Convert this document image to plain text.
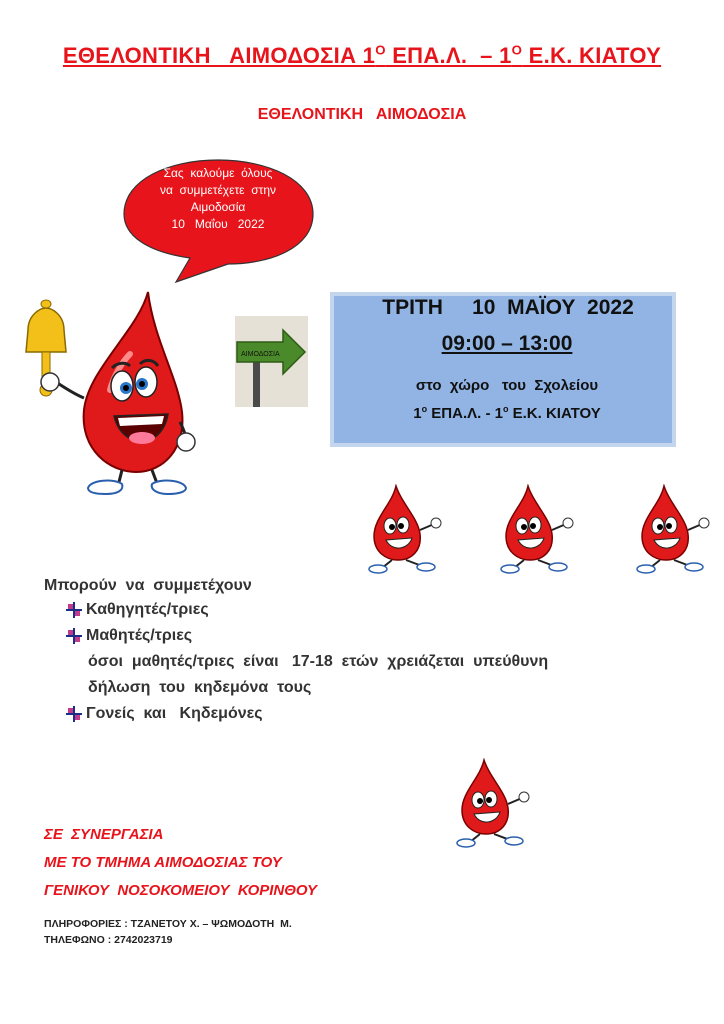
ΕΘΕΛΟΝΤΙΚΗ   ΑΙΜΟΔΟΣΙΑ $1^O$ ΕΠΑ.Λ.  – $1^O$ Ε.Κ. ΚΙΑΤΟΥ
ΕΘΕΛΟΝΤΙΚΗ   ΑΙΜΟΔΟΣΙΑ
Σας  καλούμε  όλους
να  συμμετέχετε  στην
Αιμοδοσία
10   Μαΐου   2022
ΑΙΜΟΔΟΣΙΑ
ΤΡΙΤΗ     10  ΜΑΪΟΥ  2022
09:00 – 13:00
στο  χώρο   του  Σχολείου
$1^o$ ΕΠΑ.Λ. - $1^o$ Ε.Κ. ΚΙΑΤΟΥ
Μπορούν  να  συμμετέχουν
Καθηγητές/τριες
Μαθητές/τριες
όσοι  μαθητές/τριες  είναι   17-18  ετών  χρειάζεται  υπεύθυνη
δήλωση  του  κηδεμόνα  τους
Γονείς  και   Κηδεμόνες
ΣΕ  ΣΥΝΕΡΓΑΣΙΑ
ΜΕ ΤΟ ΤΜΗΜΑ ΑΙΜΟΔΟΣΙΑΣ ΤΟΥ
ΓΕΝΙΚΟΥ  ΝΟΣΟΚΟΜΕΙΟΥ  ΚΟΡΙΝΘΟΥ
ΠΛΗΡΟΦΟΡΙΕΣ : ΤΖΑΝΕΤΟΥ Χ. – ΨΩΜΟΔΟΤΗ  Μ.
ΤΗΛΕΦΩΝΟ : 2742023719
